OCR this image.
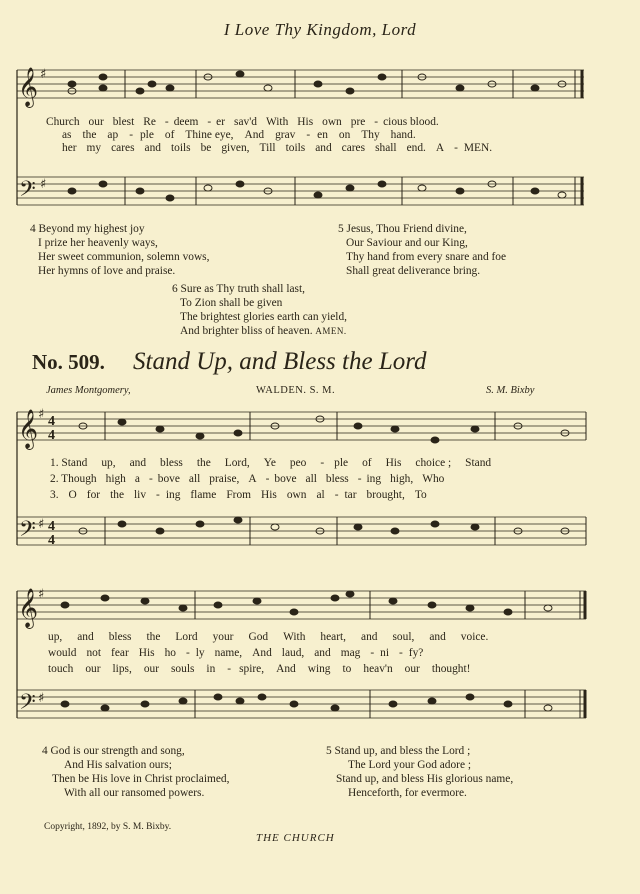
𝄞
𝄢
𝄞
𝄢
𝄞
𝄢
♯
♯
♯
♯
♯
♯
4
4
4
4
I Love Thy Kingdom, Lord
Church our blest Re - deem - er sav'd With His own pre - cious blood.
as the ap - ple of Thine eye, And grav - en on Thy hand.
her my cares and toils be given, Till toils and cares shall end. A - MEN.
4 Beyond my highest joy
I prize her heavenly ways,
Her sweet communion, solemn vows,
Her hymns of love and praise.
5 Jesus, Thou Friend divine,
Our Saviour and our King,
Thy hand from every snare and foe
Shall great deliverance bring.
6 Sure as Thy truth shall last,
To Zion shall be given
The brightest glories earth can yield,
And brighter bliss of heaven. AMEN.
No. 509. Stand Up, and Bless the Lord
James Montgomery,	WALDEN. S. M.	S. M. Bixby
1. Stand up, and bless the Lord, Ye peo - ple of His choice ; Stand
2. Though high a - bove all praise, A - bove all bless - ing high, Who
3. O for the liv - ing flame From His own al - tar brought, To
up, and bless the Lord your God With heart, and soul, and voice.
would not fear His ho - ly name, And laud, and mag - ni - fy?
touch our lips, our souls in - spire, And wing to heav'n our thought!
4 God is our strength and song,
And His salvation ours;
Then be His love in Christ proclaimed,
With all our ransomed powers.
5 Stand up, and bless the Lord ;
The Lord your God adore ;
Stand up, and bless His glorious name,
Henceforth, for evermore.
Copyright, 1892, by S. M. Bixby.
THE CHURCH
